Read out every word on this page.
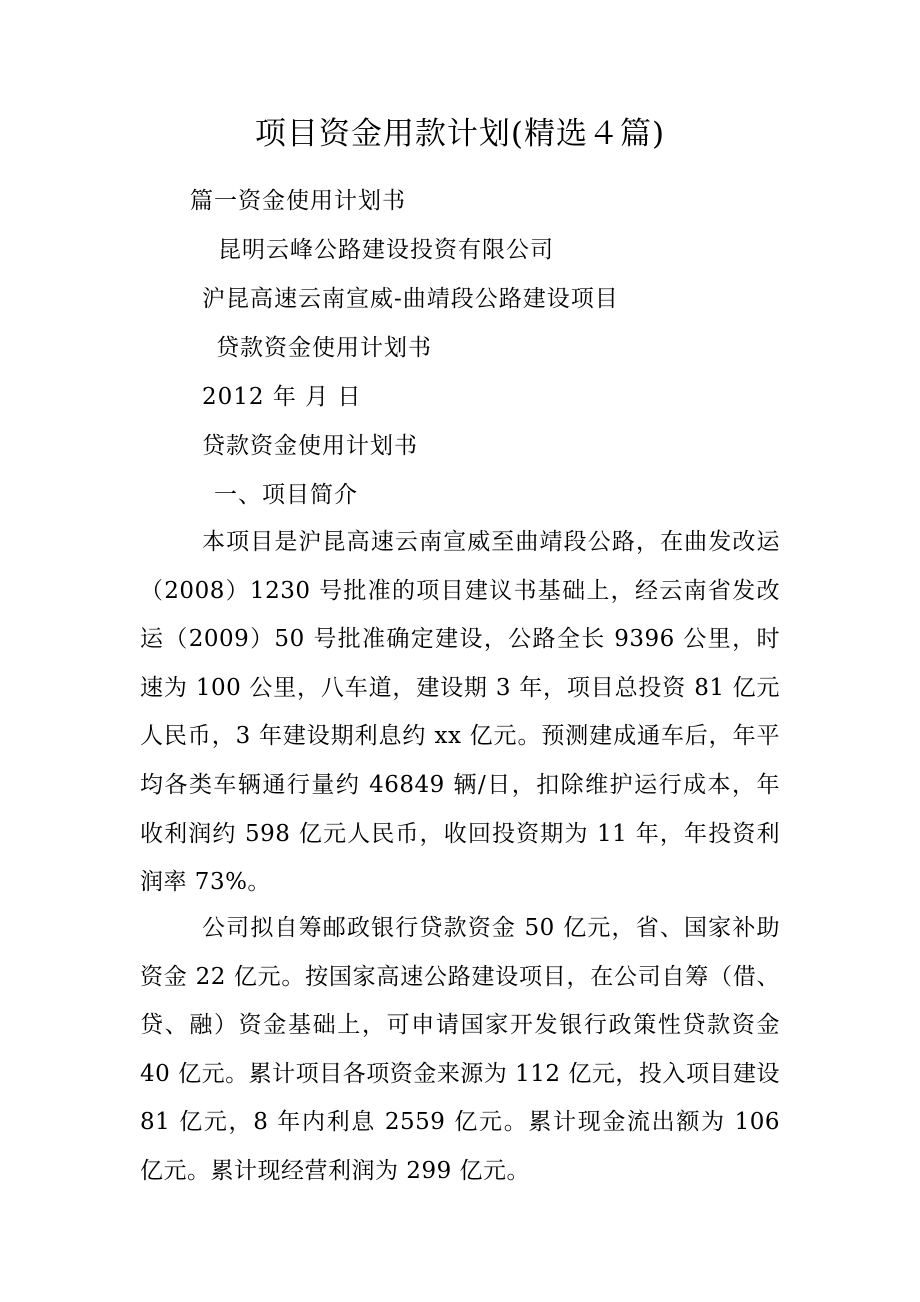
项目资金用款计划(精选４篇)
篇一资金使用计划书
昆明云峰公路建设投资有限公司
沪昆高速云南宣威-曲靖段公路建设项目
贷款资金使用计划书
2012 年 月 日
贷款资金使用计划书
一、项目简介
本项目是沪昆高速云南宣威至曲靖段公路，在曲发改运（2008）1230 号批准的项目建议书基础上，经云南省发改运（2009）50 号批准确定建设，公路全长 9396 公里，时速为 100 公里，八车道，建设期 3 年，项目总投资 81 亿元人民币，3 年建设期利息约 xx 亿元。预测建成通车后，年平均各类车辆通行量约 46849 辆/日，扣除维护运行成本，年收利润约 598 亿元人民币，收回投资期为 11 年，年投资利润率 73%。
公司拟自筹邮政银行贷款资金 50 亿元，省、国家补助资金 22 亿元。按国家高速公路建设项目，在公司自筹（借、贷、融）资金基础上，可申请国家开发银行政策性贷款资金 40 亿元。累计项目各项资金来源为 112 亿元，投入项目建设 81 亿元，8 年内利息 2559 亿元。累计现金流出额为 106 亿元。累计现经营利润为 299 亿元。
